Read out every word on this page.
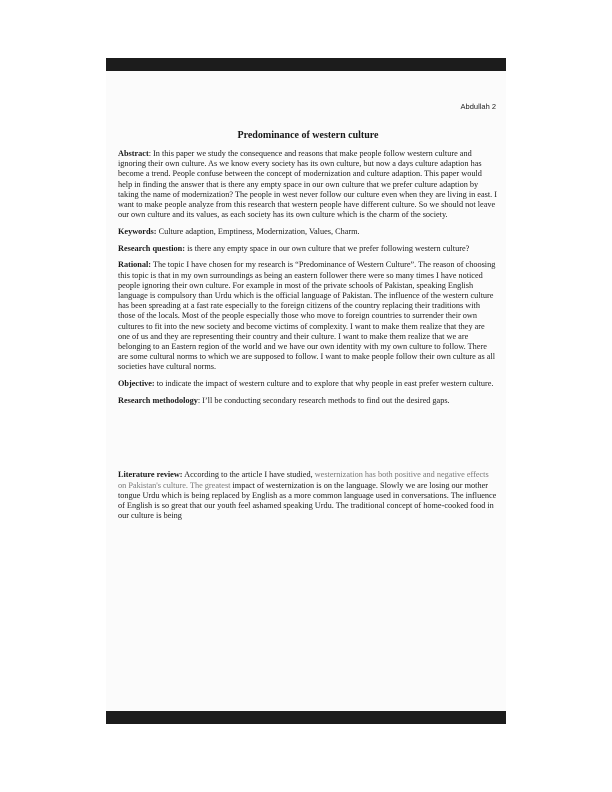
Abdullah 2
Predominance of western culture

Abstract: In this paper we study the consequence and reasons that make people follow western culture and ignoring their own culture. As we know every society has its own culture, but now a days culture adaption has become a trend. People confuse between the concept of modernization and culture adaption. This paper would help in finding the answer that is there any empty space in our own culture that we prefer culture adaption by taking the name of modernization? The people in west never follow our culture even when they are living in east. I want to make people analyze from this research that western people have different culture. So we should not leave our own culture and its values, as each society has its own culture which is the charm of the society.

Keywords: Culture adaption, Emptiness, Modernization, Values, Charm.

Research question: is there any empty space in our own culture that we prefer following western culture?

Rational: The topic I have chosen for my research is “Predominance of Western Culture”. The reason of choosing this topic is that in my own surroundings as being an eastern follower there were so many times I have noticed people ignoring their own culture. For example in most of the private schools of Pakistan, speaking English language is compulsory than Urdu which is the official language of Pakistan. The influence of the western culture has been spreading at a fast rate especially to the foreign citizens of the country replacing their traditions with those of the locals. Most of the people especially those who move to foreign countries to surrender their own cultures to fit into the new society and become victims of complexity. I want to make them realize that they are one of us and they are representing their country and their culture. I want to make them realize that we are belonging to an Eastern region of the world and we have our own identity with my own culture to follow. There are some cultural norms to which we are supposed to follow. I want to make people follow their own culture as all societies have cultural norms.

Objective: to indicate the impact of western culture and to explore that why people in east prefer western culture.

Research methodology: I’ll be conducting secondary research methods to find out the desired gaps.

Literature review: According to the article I have studied, westernization has both positive and negative effects on Pakistan's culture. The greatest impact of westernization is on the language. Slowly we are losing our mother tongue Urdu which is being replaced by English as a more common language used in conversations. The influence of English is so great that our youth feel ashamed speaking Urdu. The traditional concept of home-cooked food in our culture is being
